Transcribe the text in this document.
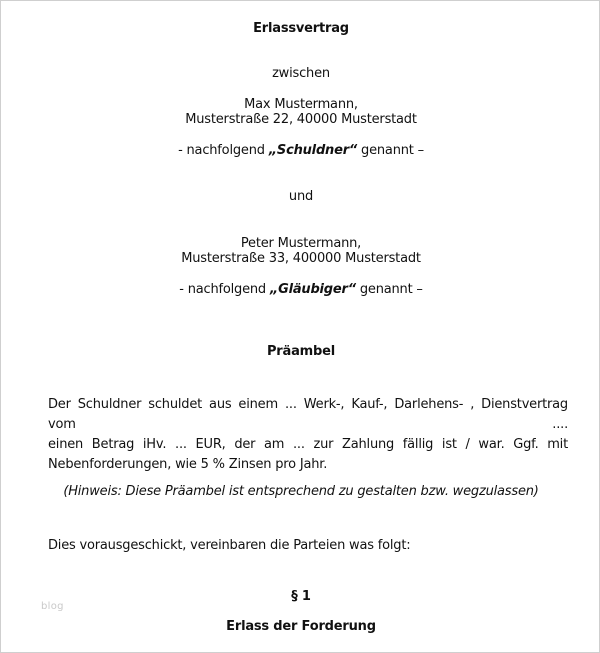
Erlassvertrag
zwischen
Max Mustermann,
Musterstraße 22, 40000 Musterstadt
- nachfolgend „Schuldner“ genannt –
und
Peter Mustermann,
Musterstraße 33, 400000 Musterstadt
- nachfolgend „Gläubiger“ genannt –
Präambel
Der Schuldner schuldet aus einem ... Werk-, Kauf-, Darlehens- , Dienstvertrag vom ....
einen Betrag iHv. ... EUR, der am ... zur Zahlung fällig ist / war. Ggf. mit
Nebenforderungen, wie 5 % Zinsen pro Jahr.
(Hinweis: Diese Präambel ist entsprechend zu gestalten bzw. wegzulassen)
Dies vorausgeschickt, vereinbaren die Parteien was folgt:
§ 1
Erlass der Forderung
blog
